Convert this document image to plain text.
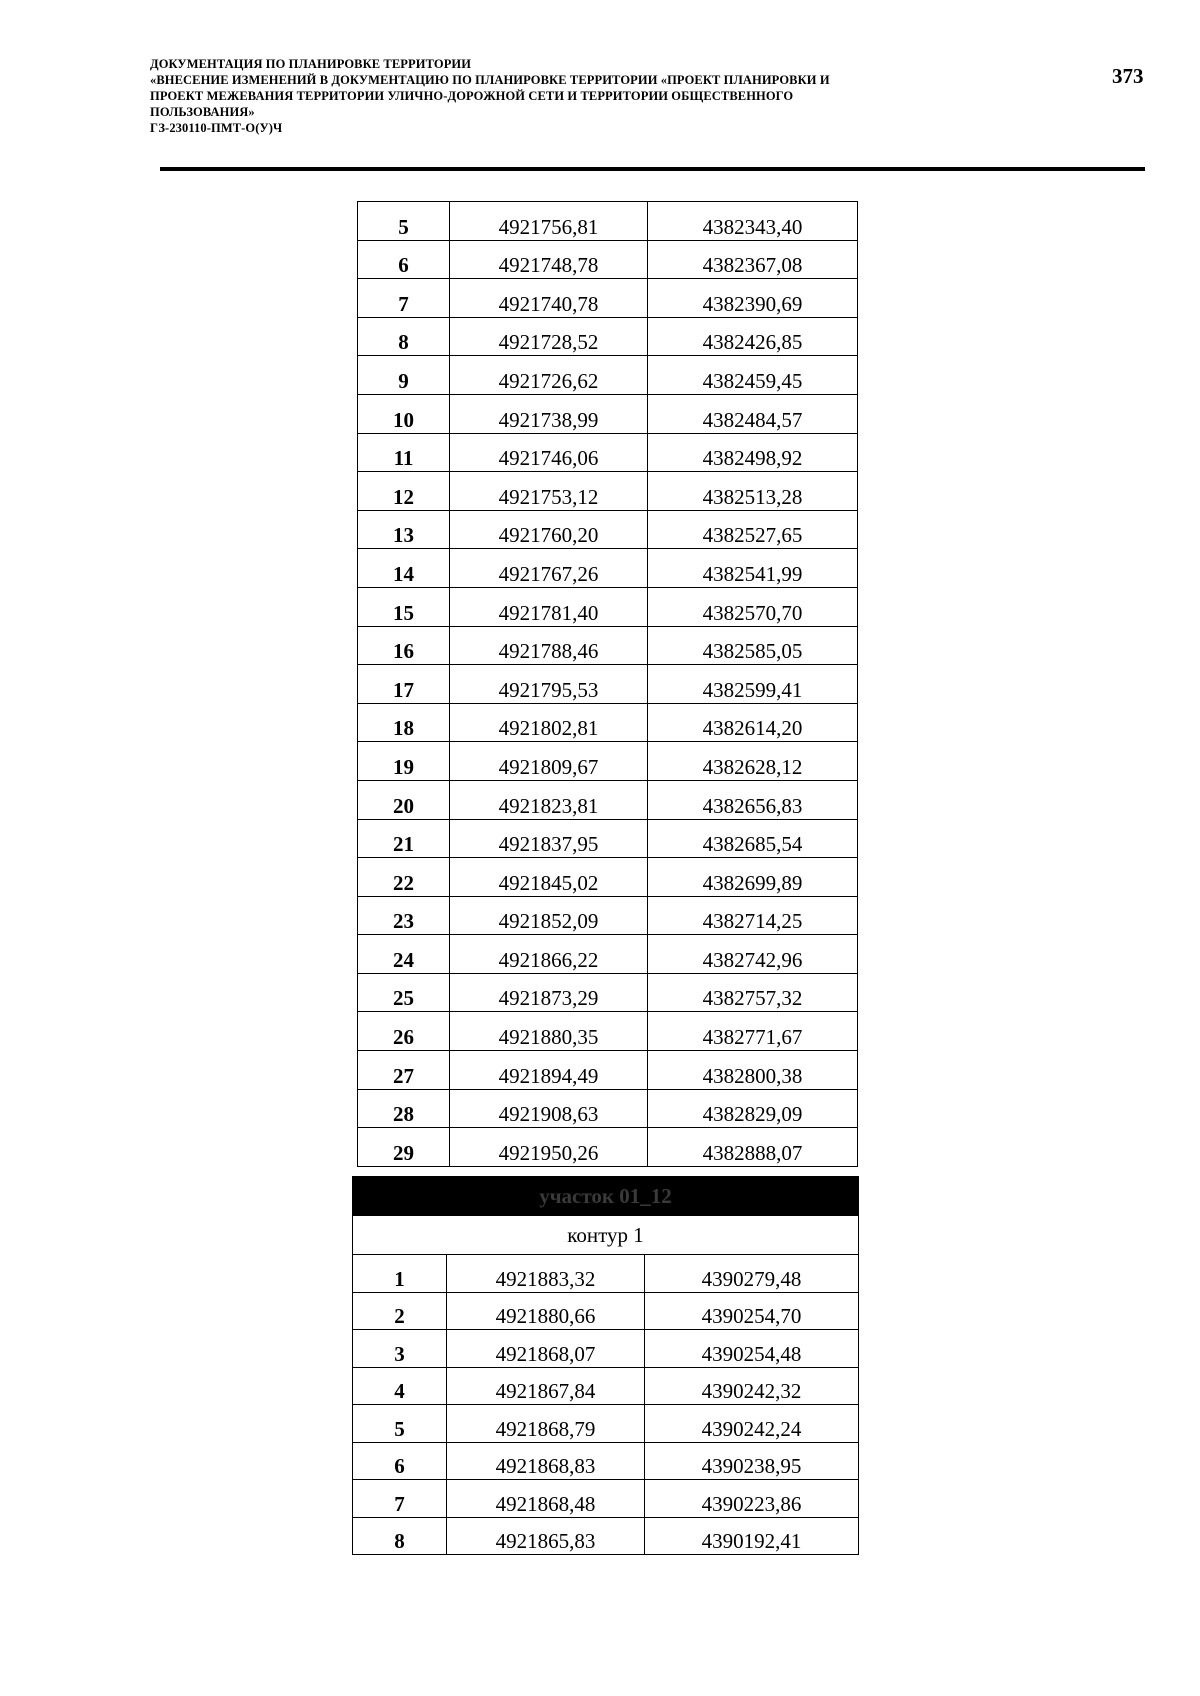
ДОКУМЕНТАЦИЯ ПО ПЛАНИРОВКЕ ТЕРРИТОРИИ
«ВНЕСЕНИЕ ИЗМЕНЕНИЙ В ДОКУМЕНТАЦИЮ ПО ПЛАНИРОВКЕ ТЕРРИТОРИИ «ПРОЕКТ ПЛАНИРОВКИ И
ПРОЕКТ МЕЖЕВАНИЯ ТЕРРИТОРИИ УЛИЧНО-ДОРОЖНОЙ СЕТИ И ТЕРРИТОРИИ ОБЩЕСТВЕННОГО
ПОЛЬЗОВАНИЯ»
ГЗ-230110-ПМТ-О(У)Ч
373
5	4921756,81	4382343,40
6	4921748,78	4382367,08
7	4921740,78	4382390,69
8	4921728,52	4382426,85
9	4921726,62	4382459,45
10	4921738,99	4382484,57
11	4921746,06	4382498,92
12	4921753,12	4382513,28
13	4921760,20	4382527,65
14	4921767,26	4382541,99
15	4921781,40	4382570,70
16	4921788,46	4382585,05
17	4921795,53	4382599,41
18	4921802,81	4382614,20
19	4921809,67	4382628,12
20	4921823,81	4382656,83
21	4921837,95	4382685,54
22	4921845,02	4382699,89
23	4921852,09	4382714,25
24	4921866,22	4382742,96
25	4921873,29	4382757,32
26	4921880,35	4382771,67
27	4921894,49	4382800,38
28	4921908,63	4382829,09
29	4921950,26	4382888,07
участок 01_12		
контур 1		
1	4921883,32	4390279,48
2	4921880,66	4390254,70
3	4921868,07	4390254,48
4	4921867,84	4390242,32
5	4921868,79	4390242,24
6	4921868,83	4390238,95
7	4921868,48	4390223,86
8	4921865,83	4390192,41
